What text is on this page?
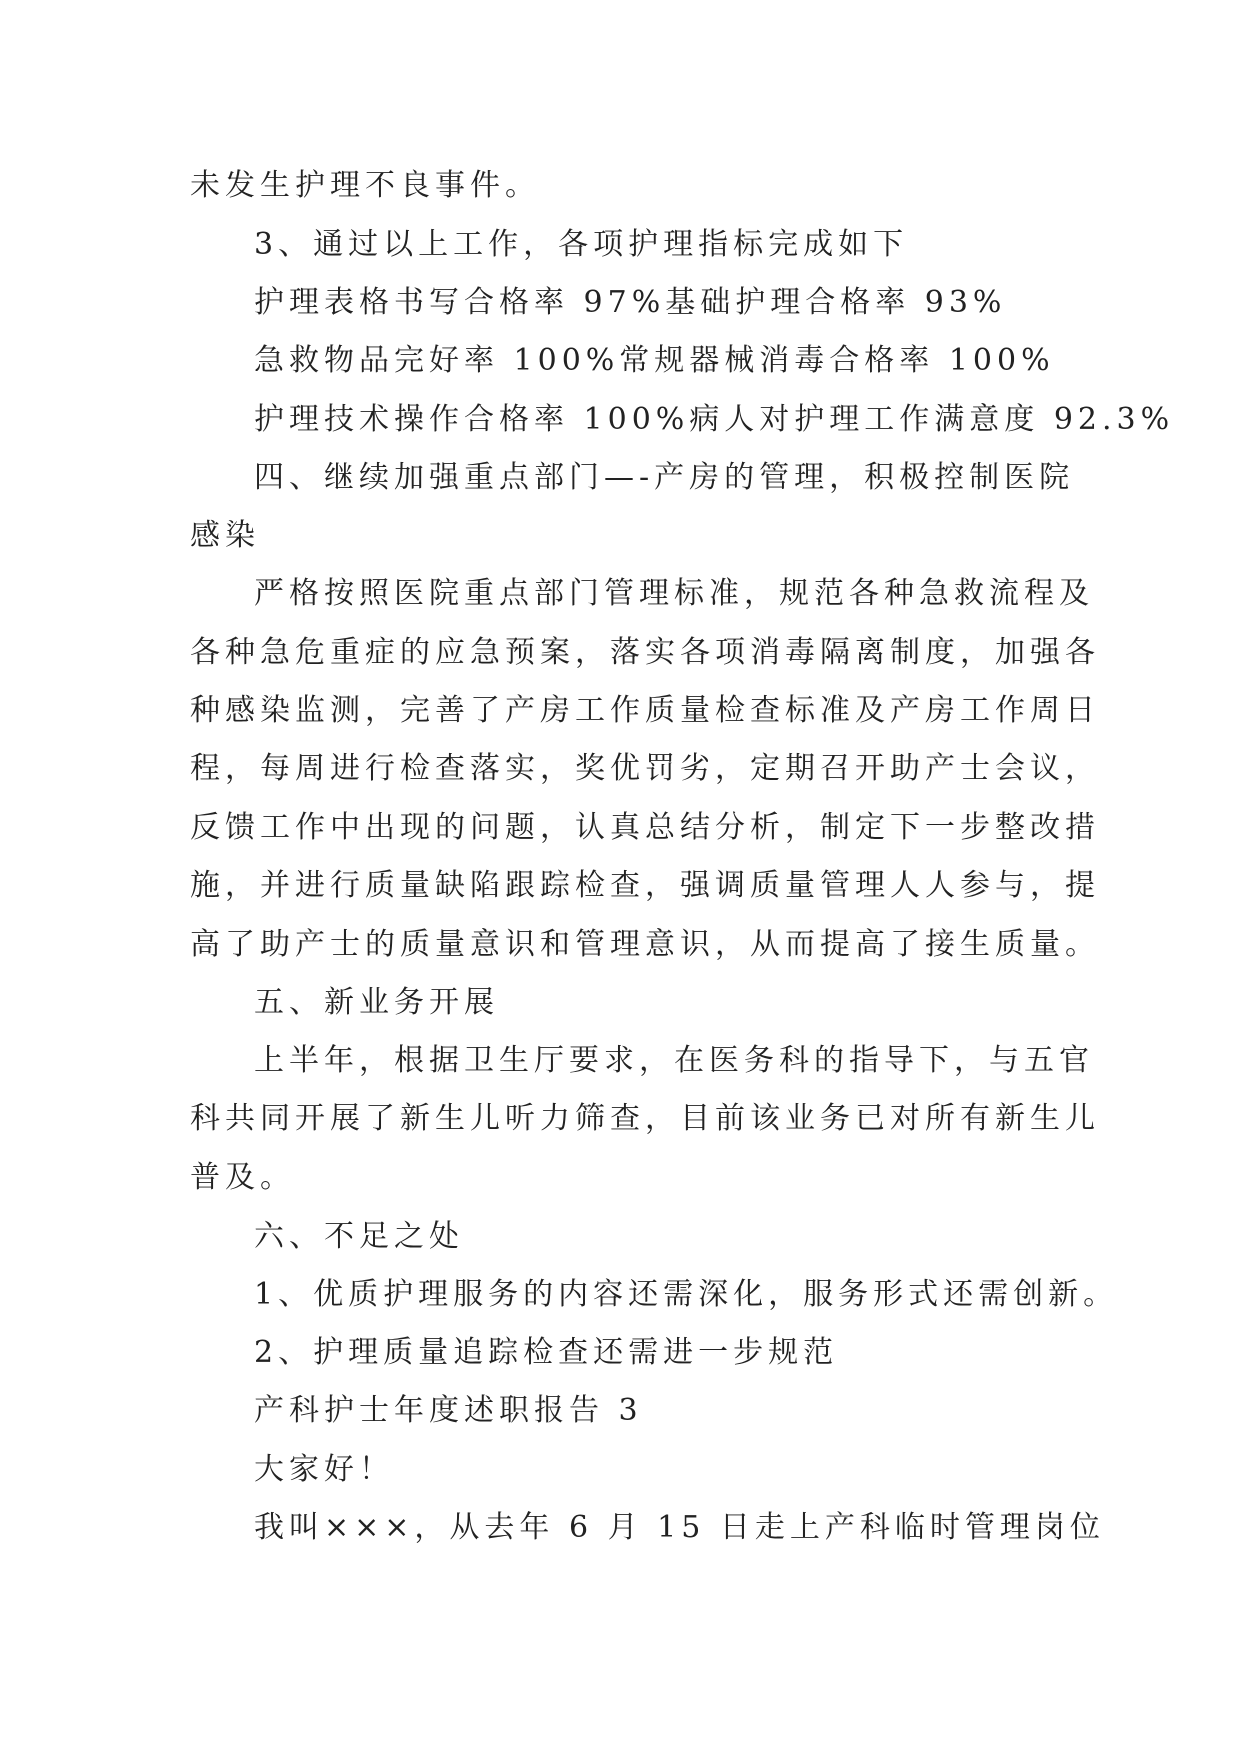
未发生护理不良事件。

3、通过以上工作，各项护理指标完成如下

护理表格书写合格率 97%基础护理合格率 93%

急救物品完好率 100%常规器械消毒合格率 100%

护理技术操作合格率 100%病人对护理工作满意度 92.3%

四、继续加强重点部门—-产房的管理，积极控制医院

感染

严格按照医院重点部门管理标准，规范各种急救流程及

各种急危重症的应急预案，落实各项消毒隔离制度，加强各

种感染监测，完善了产房工作质量检查标准及产房工作周日

程，每周进行检查落实，奖优罚劣，定期召开助产士会议，

反馈工作中出现的问题，认真总结分析，制定下一步整改措

施，并进行质量缺陷跟踪检查，强调质量管理人人参与，提

高了助产士的质量意识和管理意识，从而提高了接生质量。

五、新业务开展

上半年，根据卫生厅要求，在医务科的指导下，与五官

科共同开展了新生儿听力筛查，目前该业务已对所有新生儿

普及。

六、不足之处

1、优质护理服务的内容还需深化，服务形式还需创新。

2、护理质量追踪检查还需进一步规范

产科护士年度述职报告 3

大家好！

我叫×××，从去年 6 月 15 日走上产科临时管理岗位
